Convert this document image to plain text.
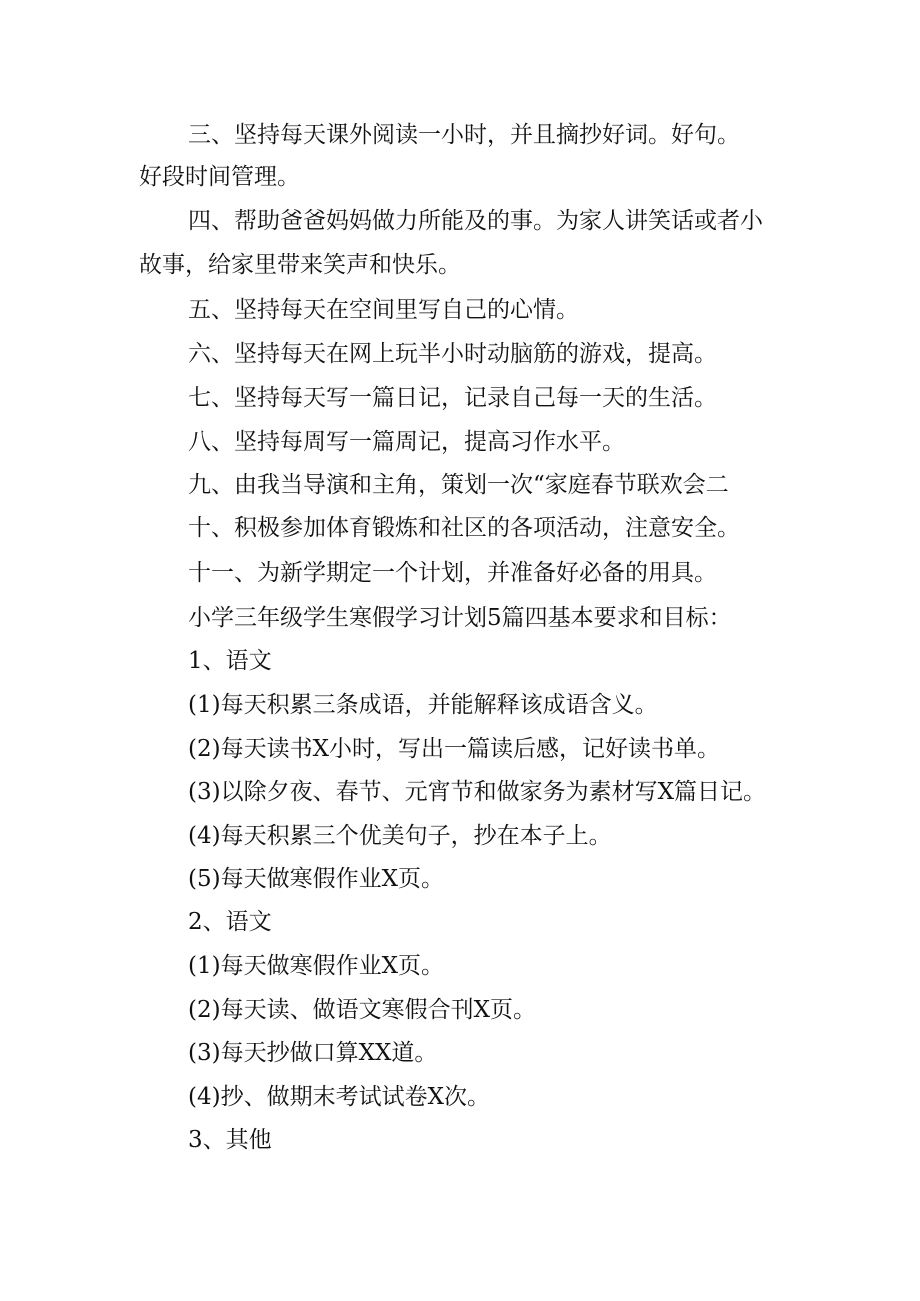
三、坚持每天课外阅读一小时，并且摘抄好词。好句。
好段时间管理。
四、帮助爸爸妈妈做力所能及的事。为家人讲笑话或者小
故事，给家里带来笑声和快乐。
五、坚持每天在空间里写自己的心情。
六、坚持每天在网上玩半小时动脑筋的游戏，提高。
七、坚持每天写一篇日记，记录自己每一天的生活。
八、坚持每周写一篇周记，提高习作水平。
九、由我当导演和主角，策划一次“家庭春节联欢会二
十、积极参加体育锻炼和社区的各项活动，注意安全。
十一、为新学期定一个计划，并准备好必备的用具。
小学三年级学生寒假学习计划5篇四基本要求和目标：
1、语文
(1)每天积累三条成语，并能解释该成语含义。
(2)每天读书X小时，写出一篇读后感，记好读书单。
(3)以除夕夜、春节、元宵节和做家务为素材写X篇日记。
(4)每天积累三个优美句子，抄在本子上。
(5)每天做寒假作业X页。
2、语文
(1)每天做寒假作业X页。
(2)每天读、做语文寒假合刊X页。
(3)每天抄做口算XX道。
(4)抄、做期末考试试卷X次。
3、其他
